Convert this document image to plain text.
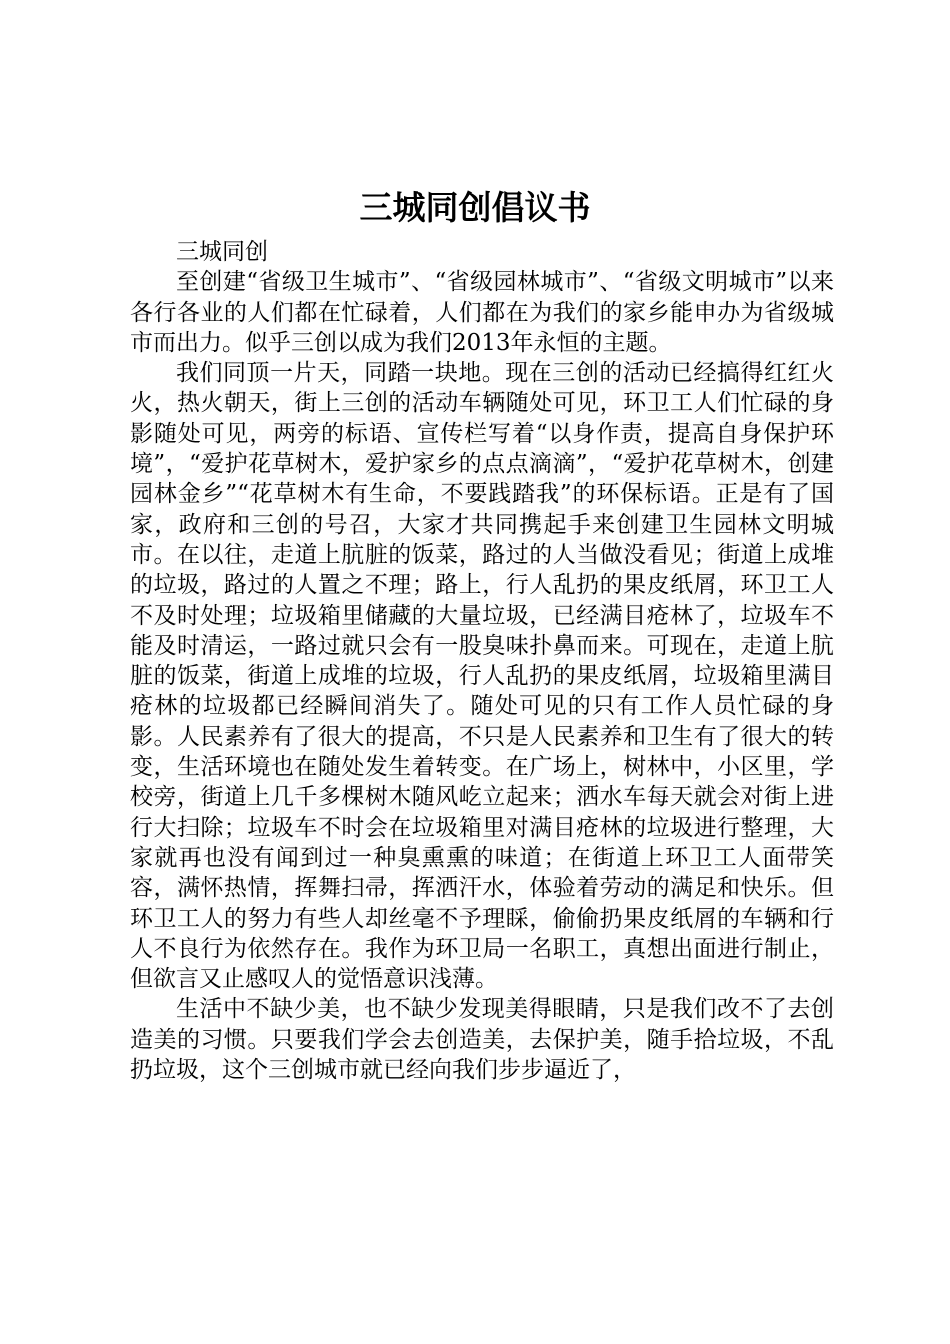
三城同创倡议书

三城同创

至创建“省级卫生城市”、“省级园林城市”、“省级文明城市”以来各行各业的人们都在忙碌着，人们都在为我们的家乡能申办为省级城市而出力。似乎三创以成为我们2013年永恒的主题。

我们同顶一片天，同踏一块地。现在三创的活动已经搞得红红火火，热火朝天，街上三创的活动车辆随处可见，环卫工人们忙碌的身影随处可见，两旁的标语、宣传栏写着“以身作责，提高自身保护环境”，“爱护花草树木，爱护家乡的点点滴滴”，“爱护花草树木，创建园林金乡”“花草树木有生命，不要践踏我”的环保标语。正是有了国家，政府和三创的号召，大家才共同携起手来创建卫生园林文明城市。在以往，走道上肮脏的饭菜，路过的人当做没看见；街道上成堆的垃圾，路过的人置之不理；路上，行人乱扔的果皮纸屑，环卫工人不及时处理；垃圾箱里储藏的大量垃圾，已经满目疮林了，垃圾车不能及时清运，一路过就只会有一股臭味扑鼻而来。可现在，走道上肮脏的饭菜，街道上成堆的垃圾，行人乱扔的果皮纸屑，垃圾箱里满目疮林的垃圾都已经瞬间消失了。随处可见的只有工作人员忙碌的身影。人民素养有了很大的提高，不只是人民素养和卫生有了很大的转变，生活环境也在随处发生着转变。在广场上，树林中，小区里，学校旁，街道上几千多棵树木随风屹立起来；洒水车每天就会对街上进行大扫除；垃圾车不时会在垃圾箱里对满目疮林的垃圾进行整理，大家就再也没有闻到过一种臭熏熏的味道；在街道上环卫工人面带笑容，满怀热情，挥舞扫帚，挥洒汗水，体验着劳动的满足和快乐。但环卫工人的努力有些人却丝毫不予理睬，偷偷扔果皮纸屑的车辆和行人不良行为依然存在。我作为环卫局一名职工，真想出面进行制止，但欲言又止感叹人的觉悟意识浅薄。

生活中不缺少美，也不缺少发现美得眼睛，只是我们改不了去创造美的习惯。只要我们学会去创造美，去保护美，随手拾垃圾，不乱扔垃圾，这个三创城市就已经向我们步步逼近了，
